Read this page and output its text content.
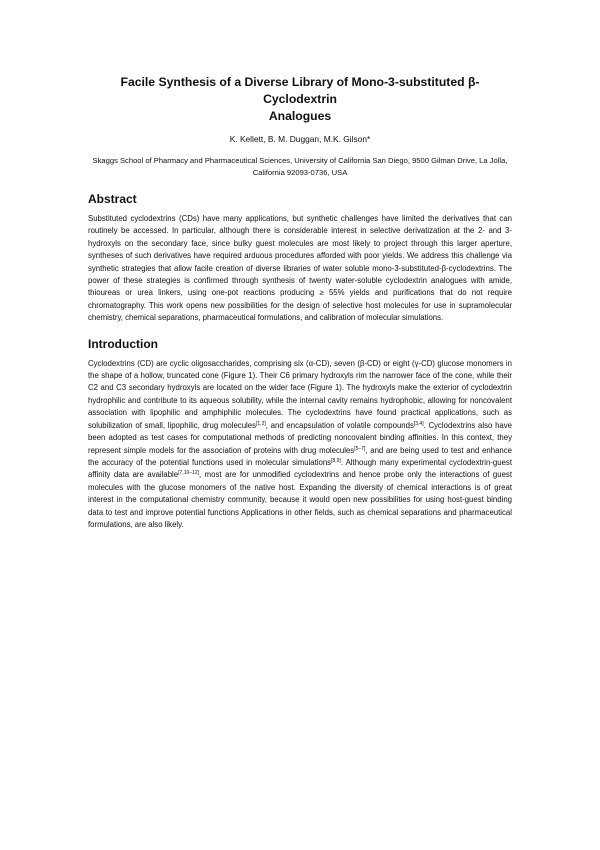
Facile Synthesis of a Diverse Library of Mono-3-substituted β-Cyclodextrin
Analogues
K. Kellett, B. M. Duggan, M.K. Gilson*
Skaggs School of Pharmacy and Pharmaceutical Sciences, University of California San Diego, 9500 Gilman Drive, La Jolla, California 92093-0736, USA
Abstract

Substituted cyclodextrins (CDs) have many applications, but synthetic challenges have limited the derivatives that can routinely be accessed. In particular, although there is considerable interest in selective derivatization at the 2- and 3- hydroxyls on the secondary face, since bulky guest molecules are most likely to project through this larger aperture, syntheses of such derivatives have required arduous procedures afforded with poor yields. We address this challenge via synthetic strategies that allow facile creation of diverse libraries of water soluble mono-3-substituted-β-cyclodextrins. The power of these strategies is confirmed through synthesis of twenty water-soluble cyclodextrin analogues with amide, thioureas or urea linkers, using one-pot reactions producing ≥ 55% yields and purifications that do not require chromatography. This work opens new possibilities for the design of selective host molecules for use in supramolecular chemistry, chemical separations, pharmaceutical formulations, and calibration of molecular simulations.

Introduction

Cyclodextrins (CD) are cyclic oligosaccharides, comprising six (α-CD), seven (β-CD) or eight (γ-CD) glucose monomers in the shape of a hollow, truncated cone (Figure 1). Their C6 primary hydroxyls rim the narrower face of the cone, while their C2 and C3 secondary hydroxyls are located on the wider face (Figure 1). The hydroxyls make the exterior of cyclodextrin hydrophilic and contribute to its aqueous solubility, while the internal cavity remains hydrophobic, allowing for noncovalent association with lipophilic and amphiphilic molecules. The cyclodextrins have found practical applications, such as solubilization of small, lipophilic, drug molecules[1,2], and encapsulation of volatile compounds[3,4]. Cyclodextrins also have been adopted as test cases for computational methods of predicting noncovalent binding affinities. In this context, they represent simple models for the association of proteins with drug molecules[5–7], and are being used to test and enhance the accuracy of the potential functions used in molecular simulations[8,9]. Although many experimental cyclodextrin-guest affinity data are available[7,10–12], most are for unmodified cyclodextrins and hence probe only the interactions of guest molecules with the glucose monomers of the native host. Expanding the diversity of chemical interactions is of great interest in the computational chemistry community, because it would open new possibilities for using host-guest binding data to test and improve potential functions Applications in other fields, such as chemical separations and pharmaceutical formulations, are also likely.
